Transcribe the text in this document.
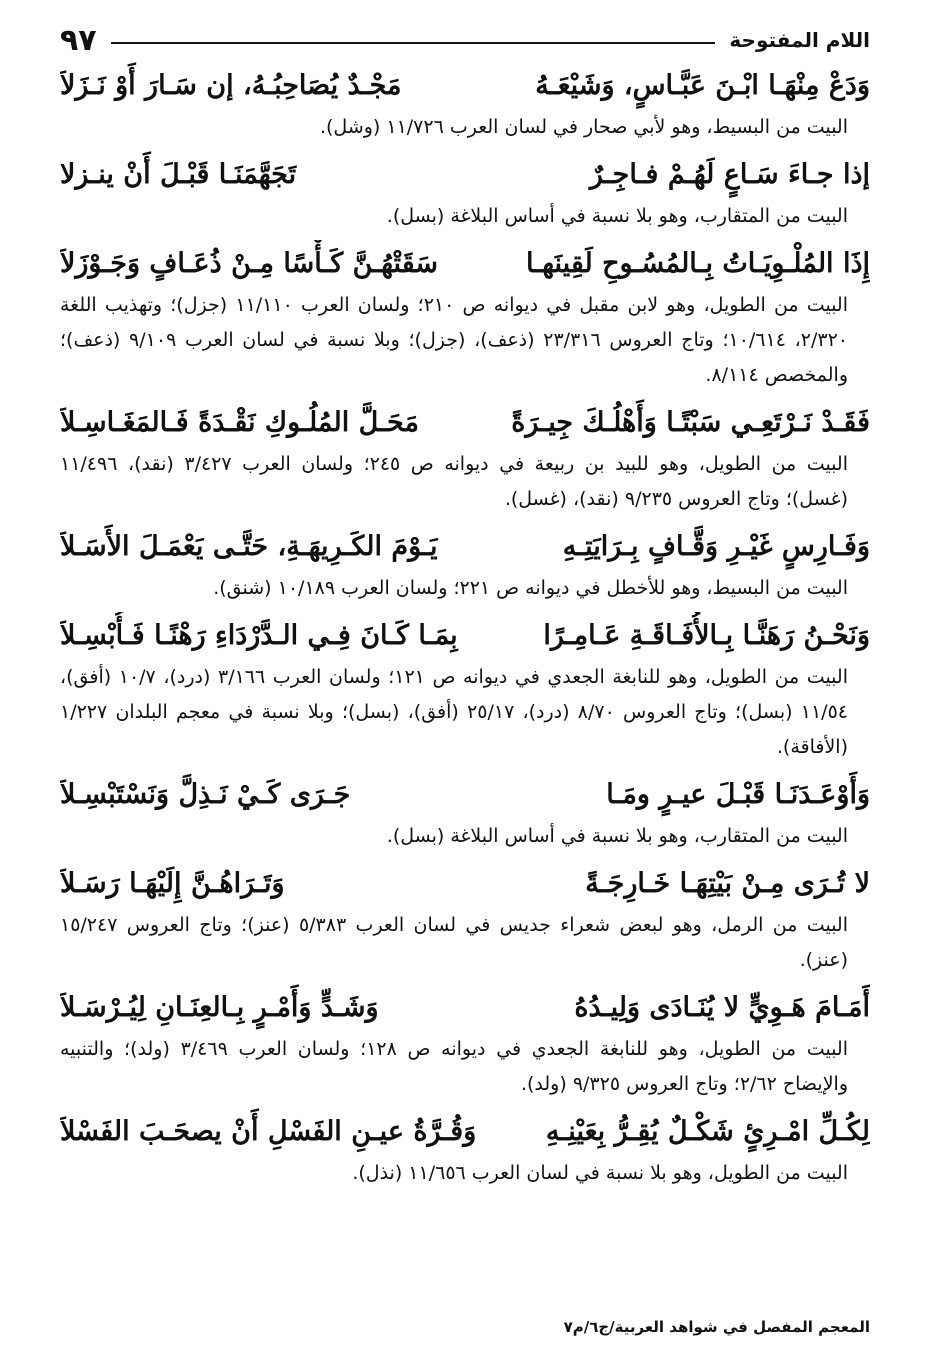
اللام المفتوحة
٩٧
وَدَعْ مِنْهَـا ابْـنَ عَبَّـاسٍ، وَشَيْعَـهُ
مَجْـدٌ يُصَاحِبُـهُ، إن سَـارَ أَوْ نَـزَلاَ
البيت من البسيط، وهو لأبي صحار في لسان العرب ١١/٧٢٦ (وشل).
إذا جـاءَ سَـاعٍ لَهُـمْ فـاجِـرٌ
تَجَهَّمَنَـا قَبْـلَ أَنْ ينـزلا
البيت من المتقارب، وهو بلا نسبة في أساس البلاغة (بسل).
إِذَا المُلْـوِيَـاتُ بِـالمُسُـوحِ لَقِينَهـا
سَقَتْهُـنَّ كَـأْسًا مِـنْ ذُعَـافٍ وَجَـوْزَلاَ
البيت من الطويل، وهو لابن مقبل في ديوانه ص ٢١٠؛ ولسان العرب ١١/١١٠ (جزل)؛ وتهذيب اللغة ٢/٣٢٠، ١٠/٦١٤؛ وتاج العروس ٢٣/٣١٦ (ذعف)، (جزل)؛ وبلا نسبة في لسان العرب ٩/١٠٩ (ذعف)؛ والمخصص ٨/١١٤.
فَقَـدْ نَـرْتَعِـي سَبْتًـا وَأَهْلُـكَ جِيـرَةً
مَحَـلَّ المُلُـوكِ نَقْـدَةً فَـالمَغَـاسِـلاَ
البيت من الطويل، وهو للبيد بن ربيعة في ديوانه ص ٢٤٥؛ ولسان العرب ٣/٤٢٧ (نقد)، ١١/٤٩٦ (غسل)؛ وتاج العروس ٩/٢٣٥ (نقد)، (غسل).
وَفَـارِسٍ غَيْـرِ وَقَّـافٍ بِـرَايَتِـهِ
يَـوْمَ الكَـرِيهَـةِ، حَتَّـى يَعْمَـلَ الأَسَـلاَ
البيت من البسيط، وهو للأخطل في ديوانه ص ٢٢١؛ ولسان العرب ١٠/١٨٩ (شنق).
وَنَحْـنُ رَهَنَّـا بِـالأُفَـاقَـةِ عَـامِـرًا
بِمَـا كَـانَ فِـي الـدَّرْدَاءِ رَهْنًـا فَـأُبْسِـلاَ
البيت من الطويل، وهو للنابغة الجعدي في ديوانه ص ١٢١؛ ولسان العرب ٣/١٦٦ (درد)، ١٠/٧ (أفق)، ١١/٥٤ (بسل)؛ وتاج العروس ٨/٧٠ (درد)، ٢٥/١٧ (أفق)، (بسل)؛ وبلا نسبة في معجم البلدان ١/٢٢٧ (الأفاقة).
وَأَوْعَـدَنَـا قَبْـلَ عيـرٍ ومَـا
جَـرَى كَـيْ نَـذِلَّ وَنَسْتَبْسِـلاَ
البيت من المتقارب، وهو بلا نسبة في أساس البلاغة (بسل).
لا تُـرَى مِـنْ بَيْتِهَـا خَـارِجَـةً
وَتَـرَاهُـنَّ إِلَيْهَـا رَسَـلاَ
البيت من الرمل، وهو لبعض شعراء جديس في لسان العرب ٥/٣٨٣ (عنز)؛ وتاج العروس ١٥/٢٤٧ (عنز).
أَمَـامَ هَـوِيٍّ لا يُنَـادَى وَلِيـدُهُ
وَشَـدٍّ وَأَمْـرٍ بِـالعِنَـانِ لِيُـرْسَـلاَ
البيت من الطويل، وهو للنابغة الجعدي في ديوانه ص ١٢٨؛ ولسان العرب ٣/٤٦٩ (ولد)؛ والتنبيه والإيضاح ٢/٦٢؛ وتاج العروس ٩/٣٢٥ (ولد).
لِكُـلِّ امْـرِئٍ شَكْـلٌ يُقِـرُّ بِعَيْنِـهِ
وَقُـرَّةُ عيـنِ الفَسْلِ أَنْ يصحَـبَ الفَسْلاَ
البيت من الطويل، وهو بلا نسبة في لسان العرب ١١/٦٥٦ (نذل).
المعجم المفصل في شواهد العربية/ج٦/م٧
